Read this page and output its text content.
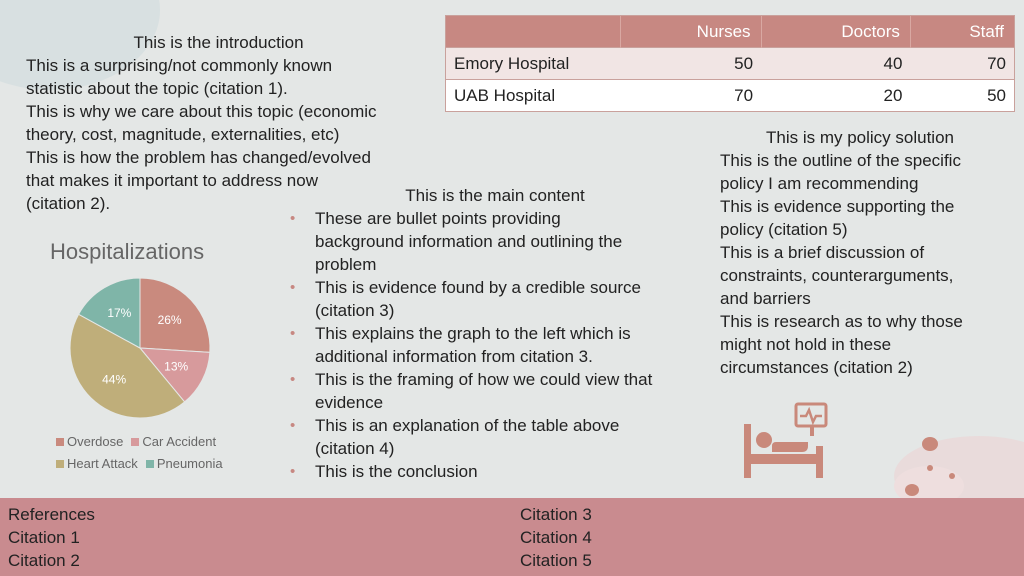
This is the introduction
This is a surprising/not commonly known
statistic about the topic (citation 1).
This is why we care about this topic (economic
theory, cost, magnitude, externalities, etc)
This is how the problem has changed/evolved
that makes it important to address now
(citation 2).
	Nurses	Doctors	Staff
Emory Hospital	50	40	70
UAB Hospital	70	20	50
Hospitalizations
26%
13%
44%
17%
Overdose Car Accident
Heart Attack Pneumonia
This is the main content
• These are bullet points providing
background information and outlining the
problem
• This is evidence found by a credible source
(citation 3)
• This explains the graph to the left which is
additional information from citation 3.
• This is the framing of how we could view that
evidence
• This is an explanation of the table above
(citation 4)
• This is the conclusion
This is my policy solution
This is the outline of the specific
policy I am recommending
This is evidence supporting the
policy (citation 5)
This is a brief discussion of
constraints, counterarguments,
and barriers
This is research as to why those
might not hold in these
circumstances (citation 2)
References
Citation 1
Citation 2
Citation 3
Citation 4
Citation 5
